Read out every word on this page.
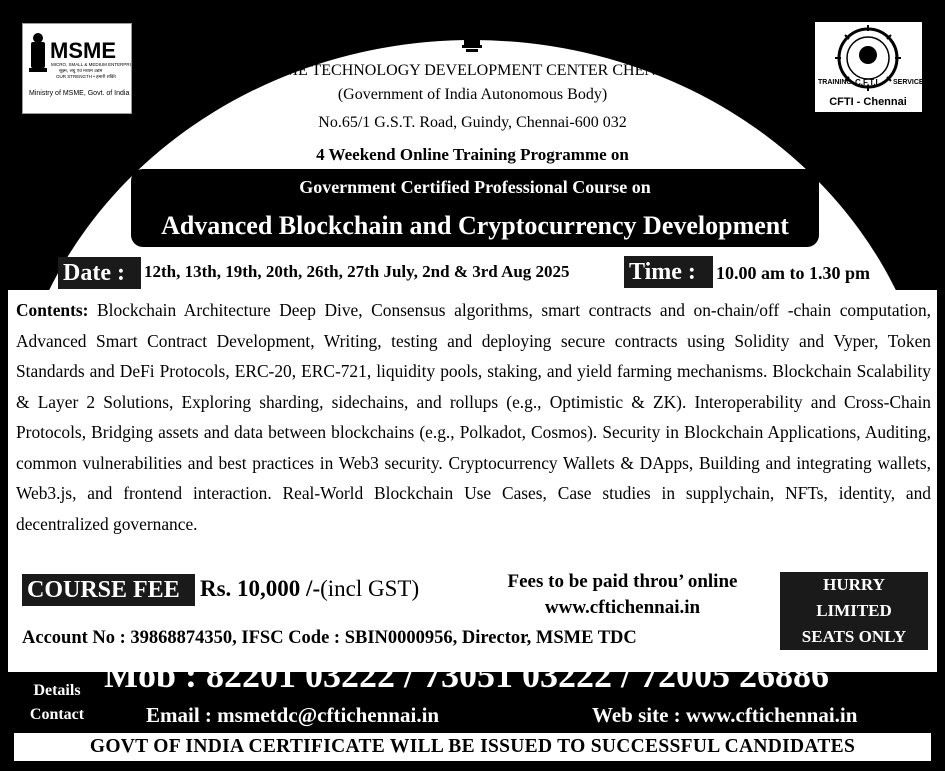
MSME
MICRO, SMALL & MEDIUM ENTERPRISES
सूक्ष्म, लघु एवं मध्यम उद्यम
OUR STRENGTH • हमारी शक्ति
Ministry of MSME, Govt. of India
TRAINING C.F.T.I. SERVICE
CFTI - Chennai
MSME TECHNOLOGY DEVELOPMENT CENTER CHENNAI
(Government of India Autonomous Body)
No.65/1 G.S.T. Road, Guindy, Chennai-600 032
4 Weekend Online Training Programme on
Government Certified Professional Course on
Advanced Blockchain and Cryptocurrency Development
Date :	12th, 13th, 19th, 20th, 26th, 27th July, 2nd & 3rd Aug 2025 Time :	10.00 am to 1.30 pm
Contents: Blockchain Architecture Deep Dive, Consensus algorithms, smart contracts and on-chain/off -chain computation, Advanced Smart Contract Development, Writing, testing and deploying secure contracts using Solidity and Vyper, Token Standards and DeFi Protocols, ERC-20, ERC-721, liquidity pools, staking, and yield farming mechanisms. Blockchain Scalability & Layer 2 Solutions, Exploring sharding, sidechains, and rollups (e.g., Optimistic & ZK). Interoperability and Cross-Chain Protocols, Bridging assets and data between blockchains (e.g., Polkadot, Cosmos). Security in Blockchain Applications, Auditing, common vulnerabilities and best practices in Web3 security. Cryptocurrency Wallets & DApps, Building and integrating wallets, Web3.js, and frontend interaction. Real-World Blockchain Use Cases, Case studies in supplychain, NFTs, identity, and decentralized governance.
COURSE FEE :
Rs. 10,000 /-(incl GST)	Fees to be paid throu’ online
www.cftichennai.in
HURRY
LIMITED
SEATS ONLY
Account No : 39868874350, IFSC Code : SBIN0000956, Director, MSME TDC
For
Details
Contact
Mob : 82201 03222 / 73051 03222 / 72005 26886
Email : msmetdc@cftichennai.in	Web site : www.cftichennai.in
GOVT OF INDIA CERTIFICATE WILL BE ISSUED TO SUCCESSFUL CANDIDATES
